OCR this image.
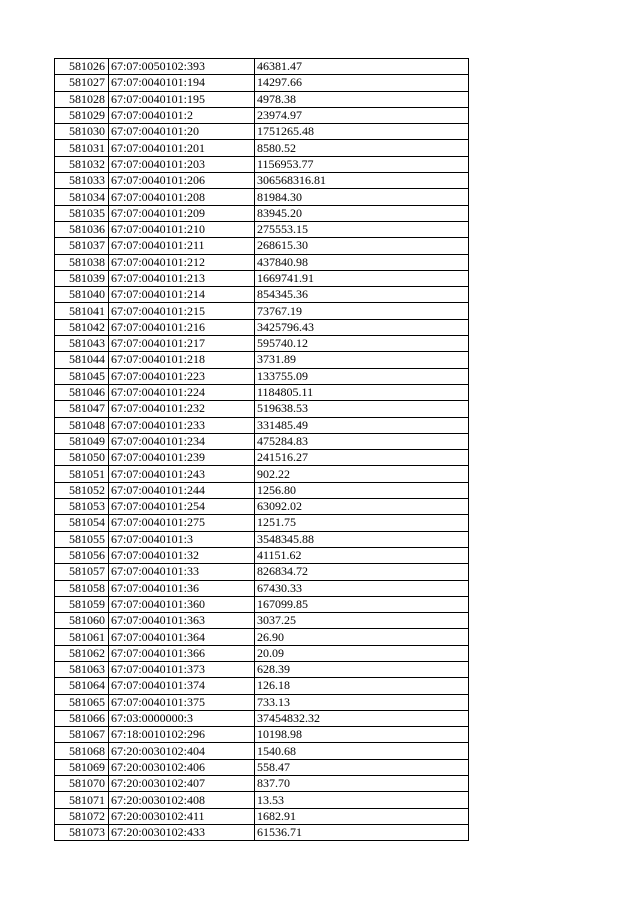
581026	67:07:0050102:393	46381.47
581027	67:07:0040101:194	14297.66
581028	67:07:0040101:195	4978.38
581029	67:07:0040101:2	23974.97
581030	67:07:0040101:20	1751265.48
581031	67:07:0040101:201	8580.52
581032	67:07:0040101:203	1156953.77
581033	67:07:0040101:206	306568316.81
581034	67:07:0040101:208	81984.30
581035	67:07:0040101:209	83945.20
581036	67:07:0040101:210	275553.15
581037	67:07:0040101:211	268615.30
581038	67:07:0040101:212	437840.98
581039	67:07:0040101:213	1669741.91
581040	67:07:0040101:214	854345.36
581041	67:07:0040101:215	73767.19
581042	67:07:0040101:216	3425796.43
581043	67:07:0040101:217	595740.12
581044	67:07:0040101:218	3731.89
581045	67:07:0040101:223	133755.09
581046	67:07:0040101:224	1184805.11
581047	67:07:0040101:232	519638.53
581048	67:07:0040101:233	331485.49
581049	67:07:0040101:234	475284.83
581050	67:07:0040101:239	241516.27
581051	67:07:0040101:243	902.22
581052	67:07:0040101:244	1256.80
581053	67:07:0040101:254	63092.02
581054	67:07:0040101:275	1251.75
581055	67:07:0040101:3	3548345.88
581056	67:07:0040101:32	41151.62
581057	67:07:0040101:33	826834.72
581058	67:07:0040101:36	67430.33
581059	67:07:0040101:360	167099.85
581060	67:07:0040101:363	3037.25
581061	67:07:0040101:364	26.90
581062	67:07:0040101:366	20.09
581063	67:07:0040101:373	628.39
581064	67:07:0040101:374	126.18
581065	67:07:0040101:375	733.13
581066	67:03:0000000:3	37454832.32
581067	67:18:0010102:296	10198.98
581068	67:20:0030102:404	1540.68
581069	67:20:0030102:406	558.47
581070	67:20:0030102:407	837.70
581071	67:20:0030102:408	13.53
581072	67:20:0030102:411	1682.91
581073	67:20:0030102:433	61536.71
